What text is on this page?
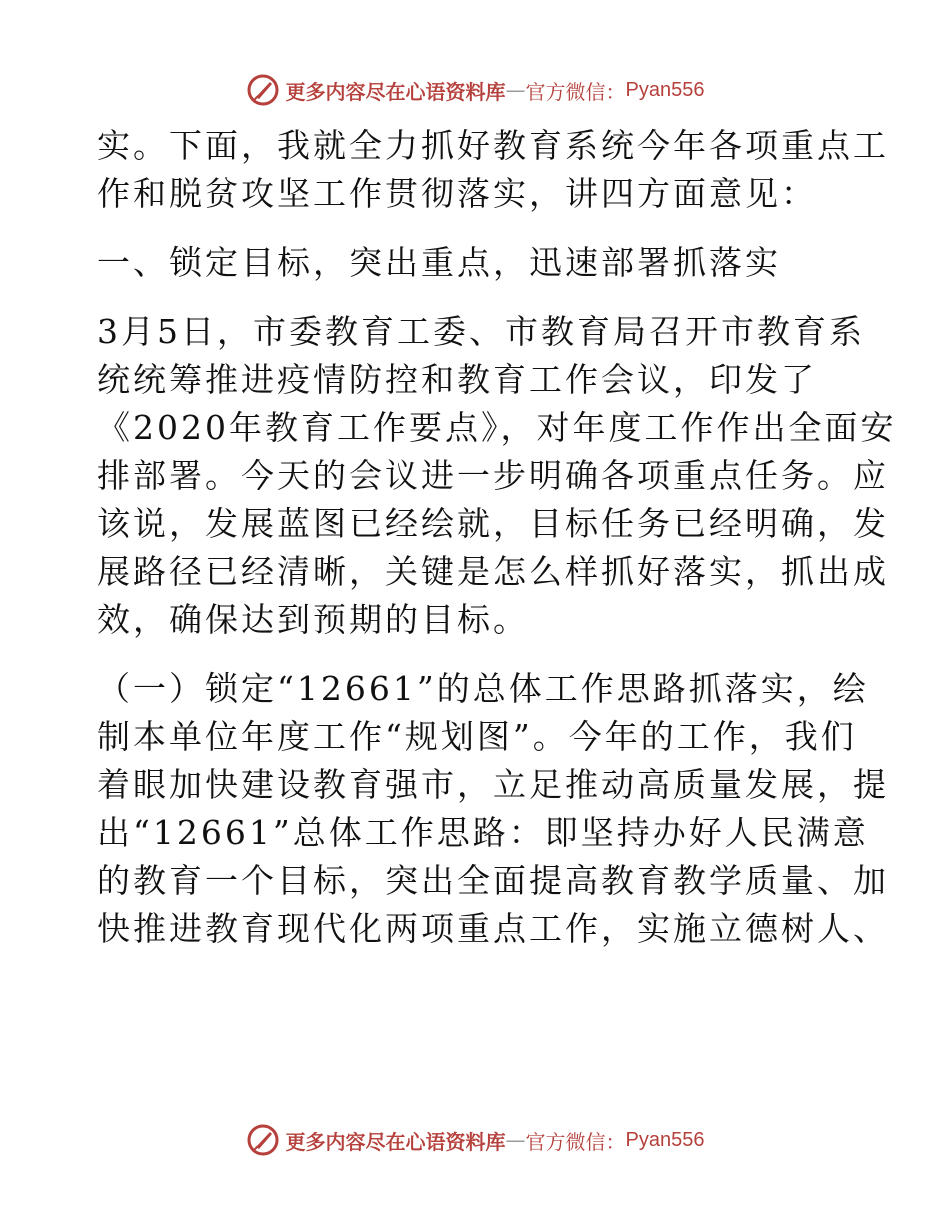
更多内容尽在心语资料库 — 官方微信： Pyan556
实。下面，我就全力抓好教育系统今年各项重点工
作和脱贫攻坚工作贯彻落实，讲四方面意见：
一、锁定目标，突出重点，迅速部署抓落实
3月5日，市委教育工委、市教育局召开市教育系
统统筹推进疫情防控和教育工作会议，印发了
《2020年教育工作要点》，对年度工作作出全面安
排部署。今天的会议进一步明确各项重点任务。应
该说，发展蓝图已经绘就，目标任务已经明确，发
展路径已经清晰，关键是怎么样抓好落实，抓出成
效，确保达到预期的目标。
（一）锁定“12661”的总体工作思路抓落实，绘
制本单位年度工作“规划图”。今年的工作，我们
着眼加快建设教育强市，立足推动高质量发展，提
出“12661”总体工作思路：即坚持办好人民满意
的教育一个目标，突出全面提高教育教学质量、加
快推进教育现代化两项重点工作，实施立德树人、
更多内容尽在心语资料库 — 官方微信： Pyan556
